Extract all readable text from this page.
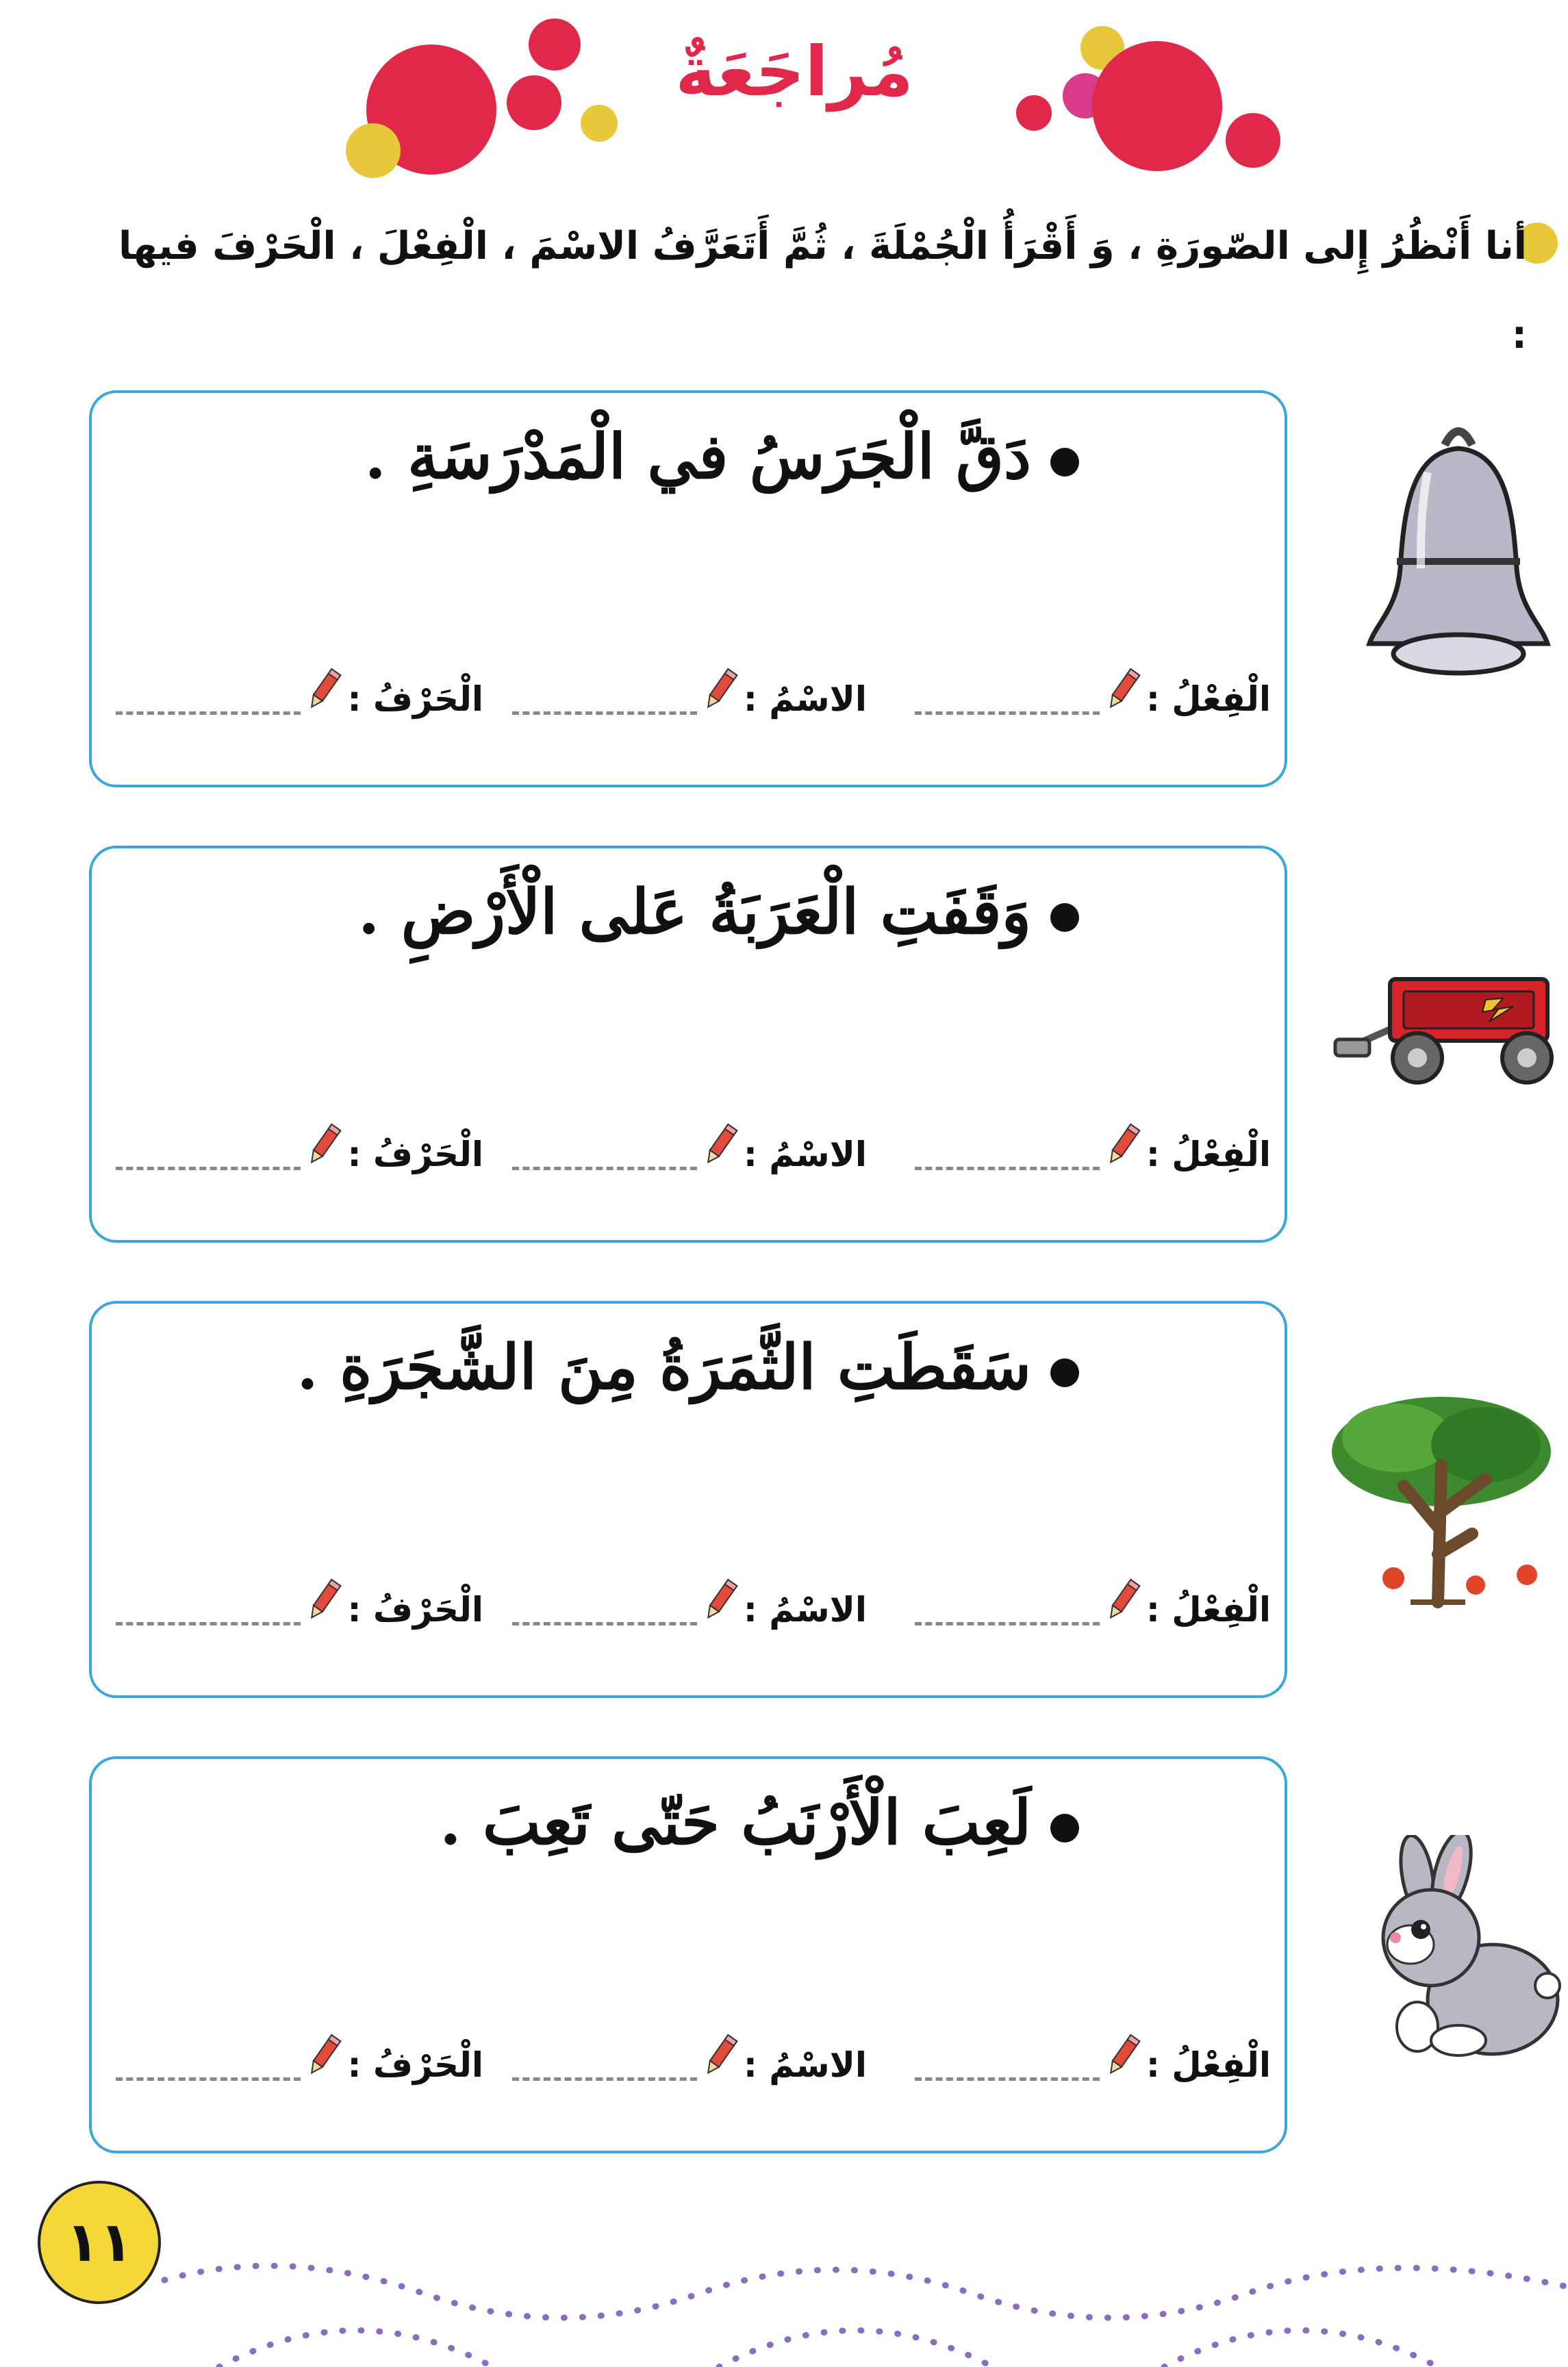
مُراجَعَةٌ
أنا أَنْظُرُ إِلى الصّورَةِ ، وَ أَقْرَأُ الْجُمْلَةَ ، ثُمَّ أَتَعَرَّفُ الاسْمَ ، الْفِعْلَ ، الْحَرْفَ فيها :
دَقَّ الْجَرَسُ في الْمَدْرَسَةِ .
الْفِعْلُ :
الاسْمُ :
الْحَرْفُ :
وَقَفَتِ الْعَرَبَةُ عَلى الْأَرْضِ .
الْفِعْلُ :
الاسْمُ :
الْحَرْفُ :
سَقَطَتِ الثَّمَرَةُ مِنَ الشَّجَرَةِ .
الْفِعْلُ :
الاسْمُ :
الْحَرْفُ :
لَعِبَ الْأَرْنَبُ حَتّى تَعِبَ .
الْفِعْلُ :
الاسْمُ :
الْحَرْفُ :
١١
